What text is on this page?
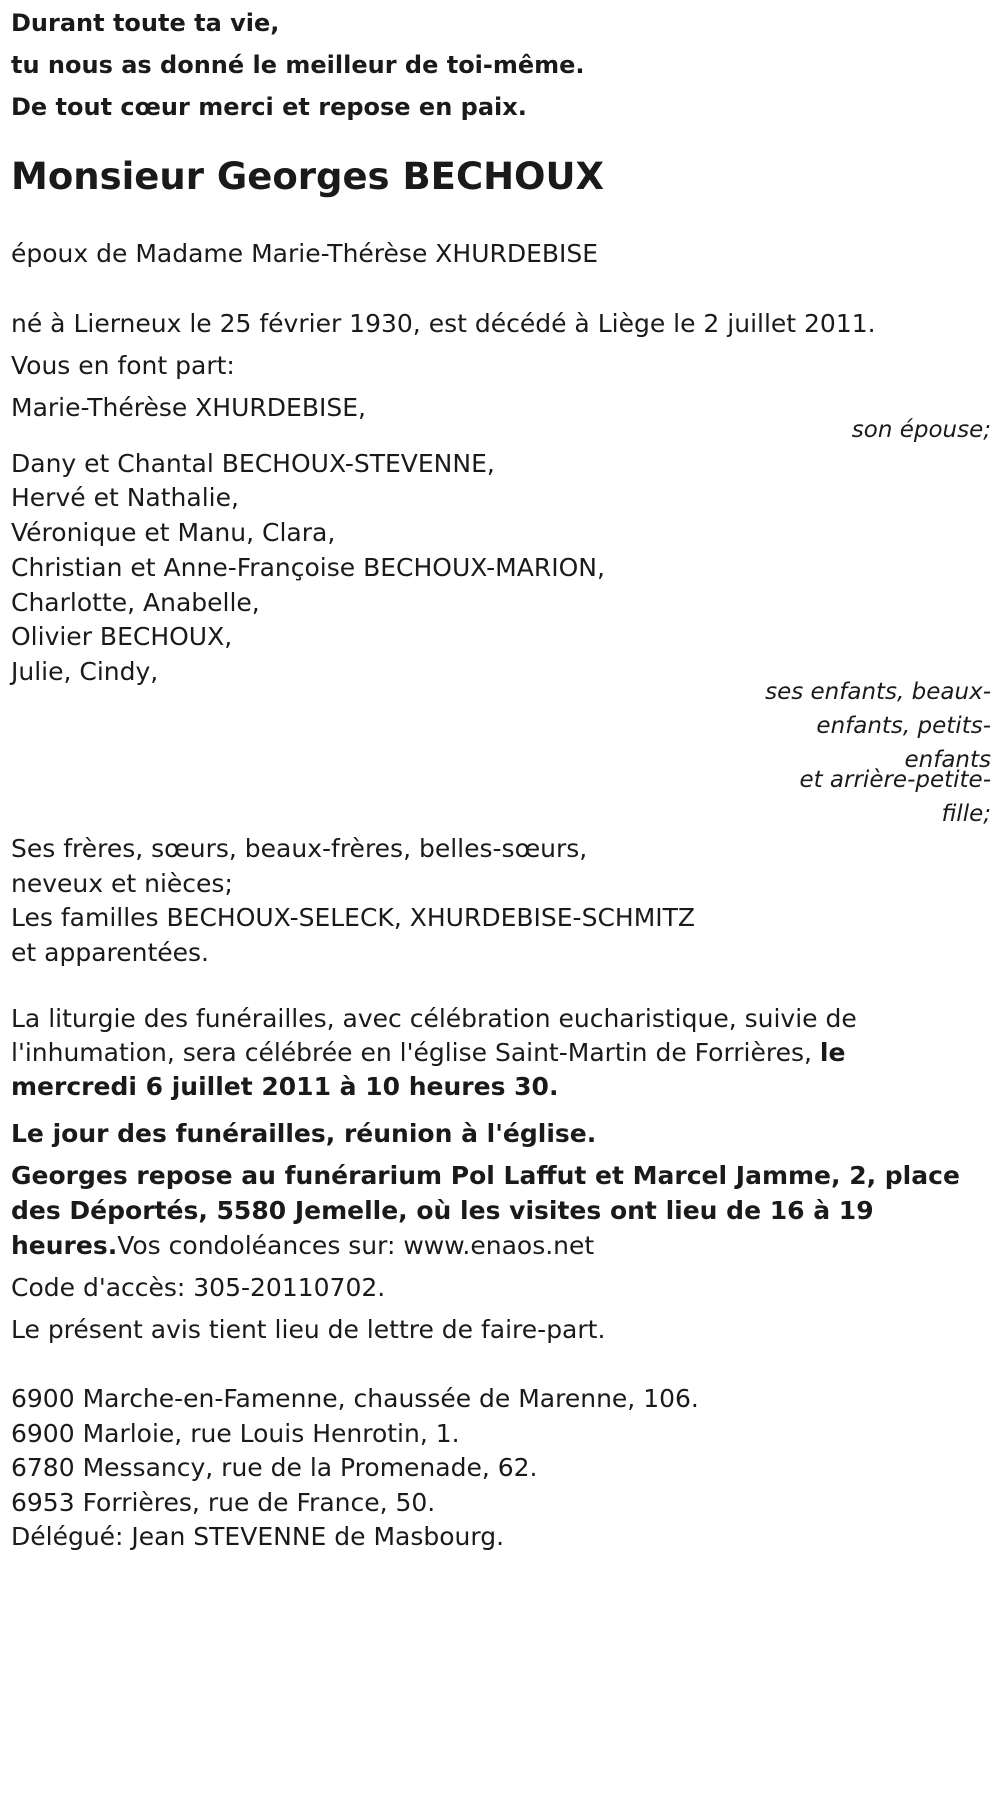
Durant toute ta vie,
tu nous as donné le meilleur de toi-même.
De tout cœur merci et repose en paix.
Monsieur Georges BECHOUX
époux de Madame Marie-Thérèse XHURDEBISE
né à Lierneux le 25 février 1930, est décédé à Liège le 2 juillet 2011.
Vous en font part:
Marie-Thérèse XHURDEBISE,
son épouse;
Dany et Chantal BECHOUX-STEVENNE,
Hervé et Nathalie,
Véronique et Manu, Clara,
Christian et Anne-Françoise BECHOUX-MARION,
Charlotte, Anabelle,
Olivier BECHOUX,
Julie, Cindy,
ses enfants, beaux-
enfants, petits-
enfants
et arrière-petite-
fille;
Ses frères, sœurs, beaux-frères, belles-sœurs,
neveux et nièces;
Les familles BECHOUX-SELECK, XHURDEBISE-SCHMITZ
et apparentées.
La liturgie des funérailles, avec célébration eucharistique, suivie de l'inhumation, sera célébrée en l'église Saint-Martin de Forrières, le mercredi 6 juillet 2011 à 10 heures 30.
Le jour des funérailles, réunion à l'église.
Georges repose au funérarium Pol Laffut et Marcel Jamme, 2, place des Déportés, 5580 Jemelle, où les visites ont lieu de 16 à 19 heures.Vos condoléances sur: www.enaos.net
Code d'accès: 305-20110702.
Le présent avis tient lieu de lettre de faire-part.
6900 Marche-en-Famenne, chaussée de Marenne, 106.
6900 Marloie, rue Louis Henrotin, 1.
6780 Messancy, rue de la Promenade, 62.
6953 Forrières, rue de France, 50.
Délégué: Jean STEVENNE de Masbourg.
